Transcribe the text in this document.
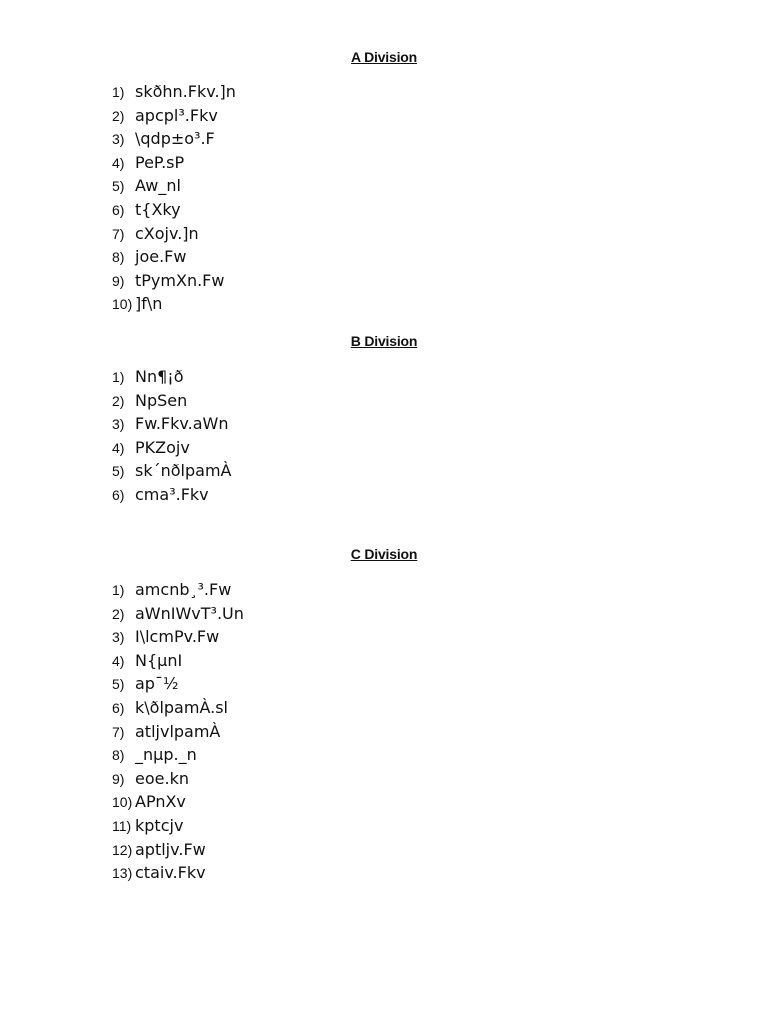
A Division
1) skðhn.Fkv.]n
2) apcpl³.Fkv
3) \qdp±o³.F
4) PeP.sP
5) Aw_nl
6) t{Xky
7) cXojv.]n
8) joe.Fw
9) tPymXn.Fw
10) ]f\n
B Division
1) Nn¶¡ð
2) NpSen
3) Fw.Fkv.aWn
4) PKZojv
5) sk´nðlpamÀ
6) cma³.Fkv
C Division
1) amcnb¸³.Fw
2) aWnIWvT³.Un
3) I\lcmPv.Fw
4) N{µnI
5) ap¯½
6) k\ðlpamÀ.sl
7) atljvlpamÀ
8) _nµp._n
9) eoe.kn
10) APnXv
11) kptcjv
12) aptljv.Fw
13) ctaiv.Fkv
